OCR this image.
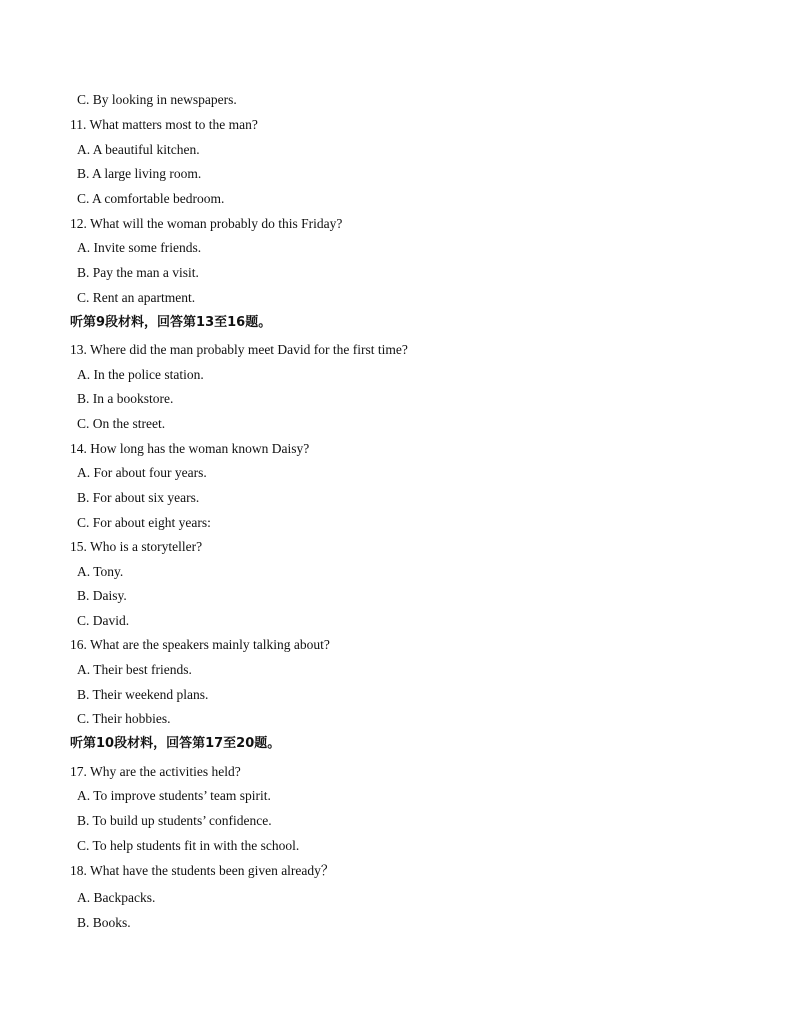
C. By looking in newspapers.
11. What matters most to the man?
A. A beautiful kitchen.
B. A large living room.
C. A comfortable bedroom.
12. What will the woman probably do this Friday?
A. Invite some friends.
B. Pay the man a visit.
C. Rent an apartment.
听第9段材料，回答第13至16题。
13. Where did the man probably meet David for the first time?
A. In the police station.
B. In a bookstore.
C. On the street.
14. How long has the woman known Daisy?
A. For about four years.
B. For about six years.
C. For about eight years:
15. Who is a storyteller?
A. Tony.
B. Daisy.
C. David.
16. What are the speakers mainly talking about?
A. Their best friends.
B. Their weekend plans.
C. Their hobbies.
听第10段材料，回答第17至20题。
17. Why are the activities held?
A. To improve students’ team spirit.
B. To build up students’ confidence.
C. To help students fit in with the school.
18. What have the students been given already？
A. Backpacks.
B. Books.
